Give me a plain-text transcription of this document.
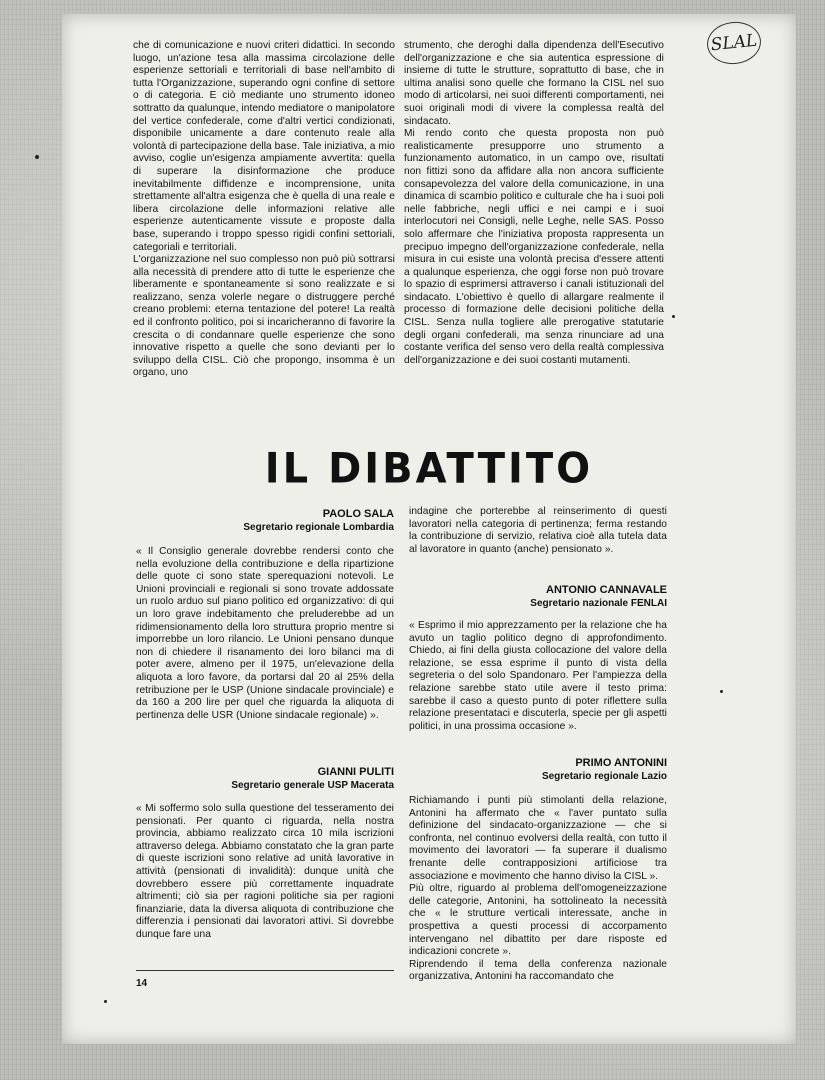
SLAL

che di comunicazione e nuovi criteri didattici. In secondo luogo, un'azione tesa alla massima circolazione delle esperienze settoriali e territoriali di base nell'ambito di tutta l'Organizzazione, superando ogni confine di settore o di categoria. E ciò mediante uno strumento idoneo sottratto da qualunque, intendo mediatore o manipolatore del vertice confederale, come d'altri vertici condizionati, disponibile unicamente a dare contenuto reale alla volontà di partecipazione della base. Tale iniziativa, a mio avviso, coglie un'esigenza ampiamente avvertita: quella di superare la disinformazione che produce inevitabilmente diffidenze e incomprensione, unita strettamente all'altra esigenza che è quella di una reale e libera circolazione delle informazioni relative alle esperienze autenticamente vissute e proposte dalla base, superando i troppo spesso rigidi confini settoriali, categoriali e territoriali.
L'organizzazione nel suo complesso non può più sottrarsi alla necessità di prendere atto di tutte le esperienze che liberamente e spontaneamente si sono realizzate e si realizzano, senza volerle negare o distruggere perché creano problemi: eterna tentazione del potere! La realtà ed il confronto politico, poi si incaricheranno di favorire la crescita o di condannare quelle esperienze che sono innovative rispetto a quelle che sono devianti per lo sviluppo della CISL. Ciò che propongo, insomma è un organo, uno

strumento, che deroghi dalla dipendenza dell'Esecutivo dell'organizzazione e che sia autentica espressione di insieme di tutte le strutture, soprattutto di base, che in ultima analisi sono quelle che formano la CISL nel suo modo di articolarsi, nei suoi differenti comportamenti, nei suoi originali modi di vivere la complessa realtà del sindacato.
Mi rendo conto che questa proposta non può realisticamente presupporre uno strumento a funzionamento automatico, in un campo ove, risultati non fittizi sono da affidare alla non ancora sufficiente consapevolezza del valore della comunicazione, in una dinamica di scambio politico e culturale che ha i suoi poli nelle fabbriche, negli uffici e nei campi e i suoi interlocutori nei Consigli, nelle Leghe, nelle SAS. Posso solo affermare che l'iniziativa proposta rappresenta un precipuo impegno dell'organizzazione confederale, nella misura in cui esiste una volontà precisa d'essere attenti a qualunque esperienza, che oggi forse non può trovare lo spazio di esprimersi attraverso i canali istituzionali del sindacato. L'obiettivo è quello di allargare realmente il processo di formazione delle decisioni politiche della CISL. Senza nulla togliere alle prerogative statutarie degli organi confederali, ma senza rinunciare ad una costante verifica del senso vero della realtà complessiva dell'organizzazione e dei suoi costanti mutamenti.

IL DIBATTITO
PAOLO SALA
Segretario regionale Lombardia

« Il Consiglio generale dovrebbe rendersi conto che nella evoluzione della contribuzione e della ripartizione delle quote ci sono state sperequazioni notevoli. Le Unioni provinciali e regionali si sono trovate addossate un ruolo arduo sul piano politico ed organizzativo: di qui un loro grave indebitamento che preluderebbe ad un ridimensionamento della loro struttura proprio mentre si imporrebbe un loro rilancio. Le Unioni pensano dunque non di chiedere il risanamento dei loro bilanci ma di poter avere, almeno per il 1975, un'elevazione della aliquota a loro favore, da portarsi dal 20 al 25% della retribuzione per le USP (Unione sindacale provinciale) e da 160 a 200 lire per quel che riguarda la aliquota di pertinenza delle USR (Unione sindacale regionale) ».

GIANNI PULITI
Segretario generale USP Macerata

« Mi soffermo solo sulla questione del tesseramento dei pensionati. Per quanto ci riguarda, nella nostra provincia, abbiamo realizzato circa 10 mila iscrizioni attraverso delega. Abbiamo constatato che la gran parte di queste iscrizioni sono relative ad unità lavorative in attività (pensionati di invalidità): dunque unità che dovrebbero essere più correttamente inquadrate altrimenti; ciò sia per ragioni politiche sia per ragioni finanziarie, data la diversa aliquota di contribuzione che differenzia i pensionati dai lavoratori attivi. Si dovrebbe dunque fare una

14

indagine che porterebbe al reinserimento di questi lavoratori nella categoria di pertinenza; ferma restando la contribuzione di servizio, relativa cioè alla tutela data al lavoratore in quanto (anche) pensionato ».

ANTONIO CANNAVALE
Segretario nazionale FENLAI

« Esprimo il mio apprezzamento per la relazione che ha avuto un taglio politico degno di approfondimento. Chiedo, ai fini della giusta collocazione del valore della relazione, se essa esprime il punto di vista della segreteria o del solo Spandonaro. Per l'ampiezza della relazione sarebbe stato utile avere il testo prima: sarebbe il caso a questo punto di poter riflettere sulla relazione presentataci e discuterla, specie per gli aspetti politici, in una prossima occasione ».

PRIMO ANTONINI
Segretario regionale Lazio

Richiamando i punti più stimolanti della relazione, Antonini ha affermato che « l'aver puntato sulla definizione del sindacato-organizzazione — che si confronta, nel continuo evolversi della realtà, con tutto il movimento dei lavoratori — fa superare il dualismo frenante delle contrapposizioni artificiose tra associazione e movimento che hanno diviso la CISL ».
Più oltre, riguardo al problema dell'omogeneizzazione delle categorie, Antonini, ha sottolineato la necessità che « le strutture verticali interessate, anche in prospettiva a questi processi di accorpamento intervengano nel dibattito per dare risposte ed indicazioni concrete ».
Riprendendo il tema della conferenza nazionale organizzativa, Antonini ha raccomandato che
